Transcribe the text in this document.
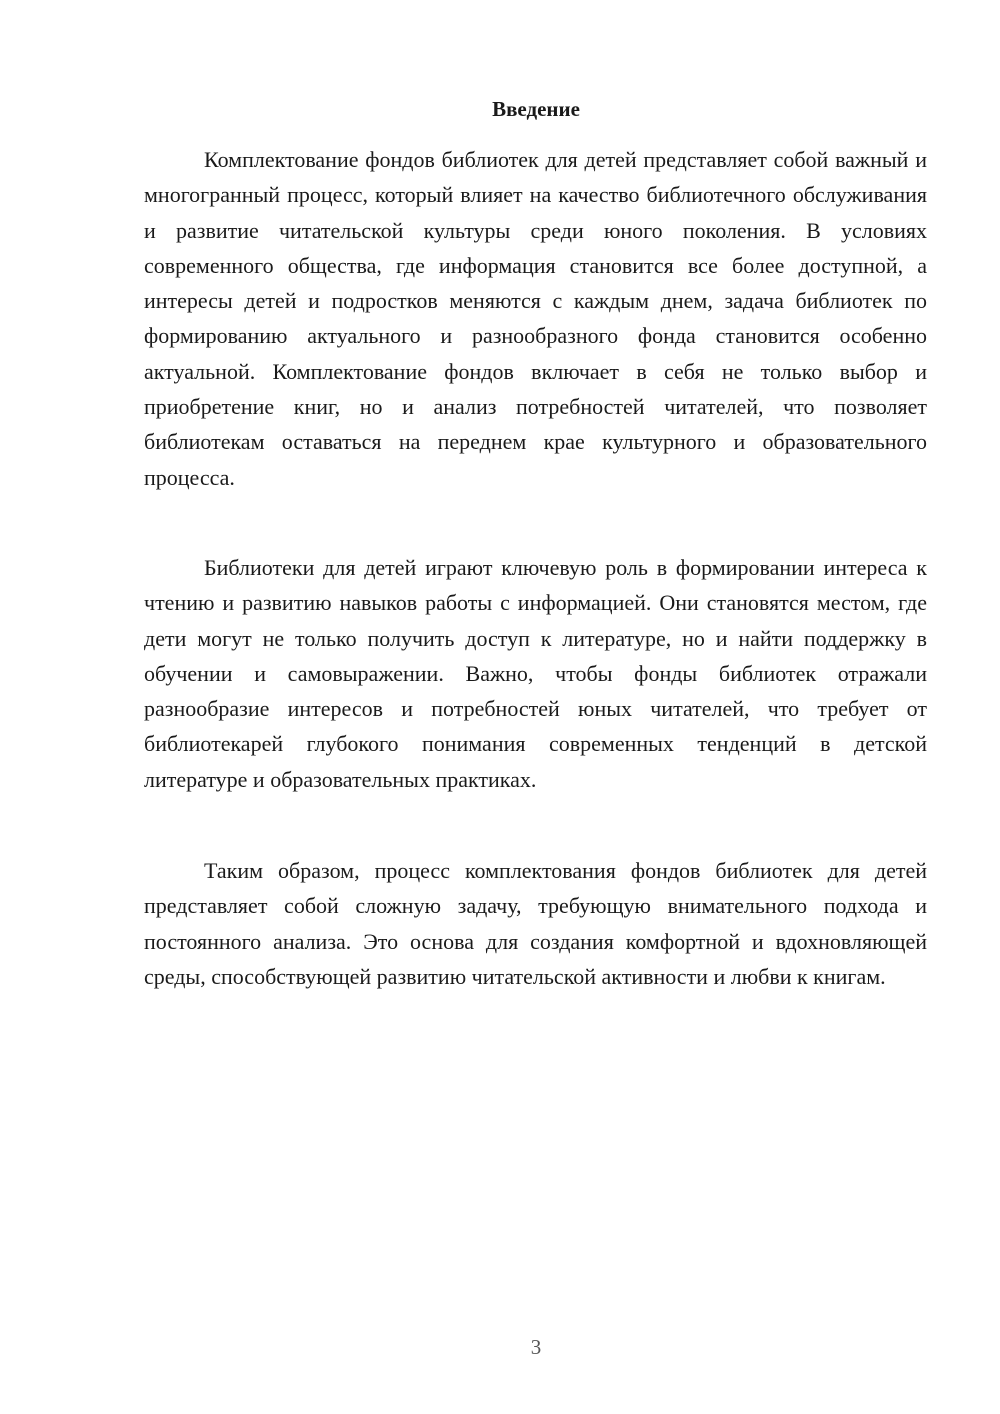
Введение

Комплектование фондов библиотек для детей представляет собой важный и многогранный процесс, который влияет на качество библиотечного обслуживания и развитие читательской культуры среди юного поколения. В условиях современного общества, где информация становится все более доступной, а интересы детей и подростков меняются с каждым днем, задача библиотек по формированию актуального и разнообразного фонда становится особенно актуальной. Комплектование фондов включает в себя не только выбор и приобретение книг, но и анализ потребностей читателей, что позволяет библиотекам оставаться на переднем крае культурного и образовательного процесса.

Библиотеки для детей играют ключевую роль в формировании интереса к чтению и развитию навыков работы с информацией. Они становятся местом, где дети могут не только получить доступ к литературе, но и найти поддержку в обучении и самовыражении. Важно, чтобы фонды библиотек отражали разнообразие интересов и потребностей юных читателей, что требует от библиотекарей глубокого понимания современных тенденций в детской литературе и образовательных практиках.

Таким образом, процесс комплектования фондов библиотек для детей представляет собой сложную задачу, требующую внимательного подхода и постоянного анализа. Это основа для создания комфортной и вдохновляющей среды, способствующей развитию читательской активности и любви к книгам.

3
